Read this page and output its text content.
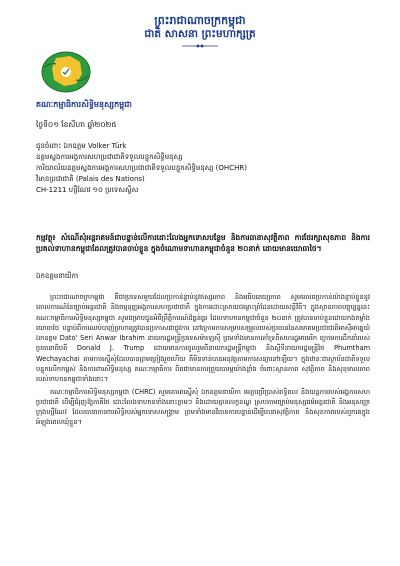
ព្រះរាជាណាចក្រកម្ពុជា
ជាតិ សាសនា ព្រះមហាក្សត្រ
គណៈកម្មាធិការសិទ្ធិមនុស្សកម្ពុជា
ថ្ងៃទី០១ ខែសីហា ឆ្នាំ២០២៥
ជូនចំពោះ ឯកឧត្តម Volker Türk
ឧត្តមស្នងការអង្គការសហប្រជាជាតិទទួលបន្ទុកសិទ្ធិមនុស្ស
ការិយាល័យឧត្តមស្នងការអង្គការសហប្រជាជាតិទទួលបន្ទុកសិទ្ធិមនុស្ស (OHCHR)
វិមានប្រជាជាតិ (Palais des Nations)
CH-1211 ហ្សឺណែវ ១០ ប្រទេសស្វីស
កម្មវត្ថុ៖ សំណើសុំអន្តរាគមន៍ជាបន្ទាន់លើការដោះលែងអ្នកទោសបន្ថែម និងការធានាសុវត្ថិភាព ការថែរក្សាសុខភាព និងការប្រគល់ទាហានកម្ពុជាដែលត្រូវបានចាប់ខ្លួន ក្នុងចំណោមទាហានកម្ពុជាចំនួន ២០នាក់ ដោយមានយោធាថៃ។
ឯកឧត្តមនាយិកា

ព្រះរាជាណាចក្រកម្ពុជា គឺជាប្រទេសមួយដែលប្រកាន់ខ្ជាប់នូវឥស្សរភាព និងអធិបតេយ្យភាព សូមគោរពប្រកាន់យ៉ាងខ្ជាប់ខ្ជួននូវគោលការណ៍នៃច្បាប់អន្តរជាតិ និងធម្មនុញ្ញអង្គការសហប្រជាជាតិ ក្នុងការដោះស្រាយជម្លោះព្រំដែនដោយសន្តិវិធី។ ក្នុងស្ថានភាពបច្ចុប្បន្ននេះ គណៈកម្មាធិការសិទ្ធិមនុស្សកម្ពុជា សូមជម្រាបជូនអំពីព្រឹត្តិការណ៍ដ៏ធ្ងន់ធ្ងរ ដែលទាហានកម្ពុជាចំនួន ២០នាក់ ត្រូវបានចាប់ខ្លួនដោយកងកម្លាំងយោធាថៃ បន្ទាប់ពីការឈប់បាញ់ប្រហារត្រូវបានប្រកាសជាផ្លូវការ នៅក្រោមការសម្របសម្រួលរបស់ប្រធាននៃសមាគមប្រជាជាតិអាស៊ីអាគ្នេយ៍ ឯកឧត្តម Dato' Seri Anwar Ibrahim នាយករដ្ឋមន្ត្រីប្រទេសម៉ាឡេស៊ី ព្រមទាំងមានការគាំទ្រពីសហរដ្ឋអាមេរិក ក្រោមការដឹកនាំរបស់ប្រធានាធិបតី Donald J. Trump ដោយមានការចូលរួមពីនាយករដ្ឋមន្ត្រីកម្ពុជា និងស្តីទីនាយករដ្ឋមន្ត្រីថៃ Phumtham Wechayachai តាមការស្នើសុំដែលបានព្រមព្រៀងរួចហើយ គឺមិនទាន់បានអនុវត្តតាមការសន្យានៅឡើយ។ ក្នុងឋានៈជាស្ថាប័នជាតិទទួលបន្ទុកលើកកម្ពស់ និងការពារសិទ្ធិមនុស្ស គណៈកម្មាធិការ ពិតជាមានការព្រួយបារម្ភយ៉ាងខ្លាំង ចំពោះស្ថានភាព សុវត្ថិភាព និងសុខុមាលភាពរបស់ទាហានកម្ពុជាទាំងនោះ។

គណៈកម្មាធិការសិទ្ធិមនុស្សកម្ពុជា (CHRC) សូមគោរពស្នើសុំ ឯកឧត្តមនាយិកា មេត្តាប្រើប្រាស់ឥទ្ធិពល និងយន្តការរបស់អង្គការសហប្រជាជាតិ ដើម្បីជំរុញឱ្យភាគីថៃ ដោះលែងទាហានទាំងនោះភ្លាមៗ និងដោយគ្មានលក្ខខណ្ឌ ស្របតាមច្បាប់មនុស្សធម៌អន្តរជាតិ និងអនុសញ្ញាក្រុងហ្សឺណែវ ដែលធានាការពារសិទ្ធិរបស់អ្នកទោសសង្គ្រាម ព្រមទាំងមានវិធានការបន្ទាន់ដើម្បីធានាសុវត្ថិភាព និងសុខភាពរបស់ពួកគេក្នុងអំឡុងពេលឃុំខ្លួន។
